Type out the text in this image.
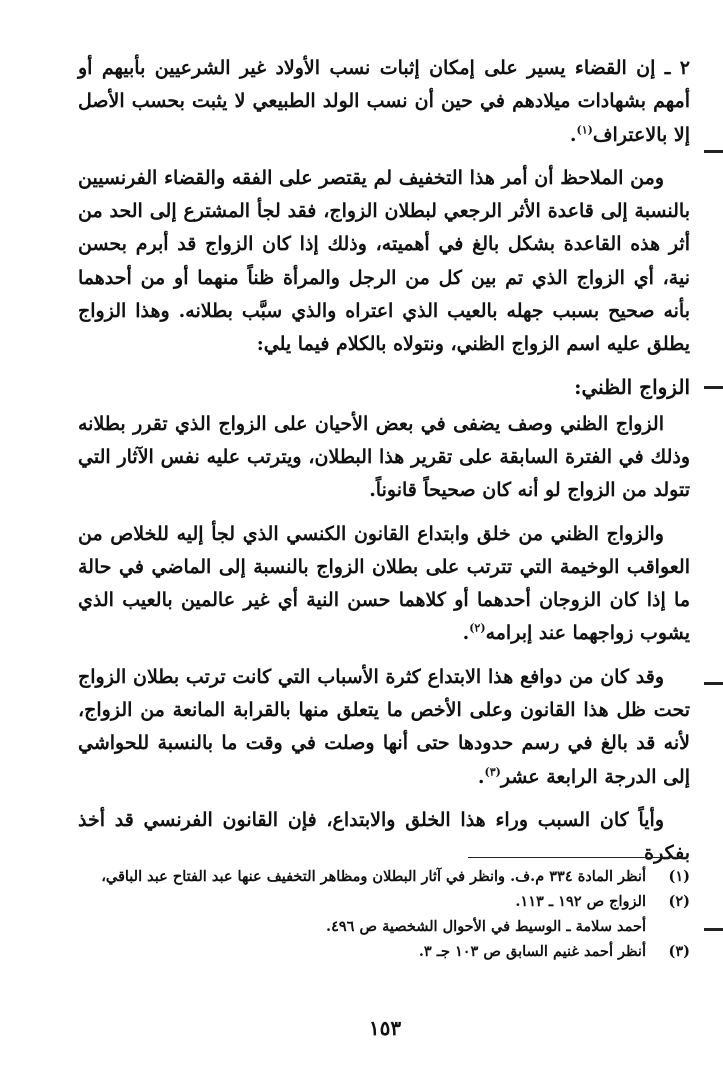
٢ ـ إن القضاء يسير على إمكان إثبات نسب الأولاد غير الشرعيين بأبيهم أو أمهم بشهادات ميلادهم في حين أن نسب الولد الطبيعي لا يثبت بحسب الأصل إلا بالاعتراف$^{(١)}$.

ومن الملاحظ أن أمر هذا التخفيف لم يقتصر على الفقه والقضاء الفرنسيين بالنسبة إلى قاعدة الأثر الرجعي لبطلان الزواج، فقد لجأ المشترع إلى الحد من أثر هذه القاعدة بشكل بالغ في أهميته، وذلك إذا كان الزواج قد أبرم بحسن نية، أي الزواج الذي تم بين كل من الرجل والمرأة ظناً منهما أو من أحدهما بأنه صحيح بسبب جهله بالعيب الذي اعتراه والذي سبَّب بطلانه. وهذا الزواج يطلق عليه اسم الزواج الظني، ونتولاه بالكلام فيما يلي:

الزواج الظني:

الزواج الظني وصف يضفى في بعض الأحيان على الزواج الذي تقرر بطلانه وذلك في الفترة السابقة على تقرير هذا البطلان، ويترتب عليه نفس الآثار التي تتولد من الزواج لو أنه كان صحيحاً قانوناً.

والزواج الظني من خلق وابتداع القانون الكنسي الذي لجأ إليه للخلاص من العواقب الوخيمة التي تترتب على بطلان الزواج بالنسبة إلى الماضي في حالة ما إذا كان الزوجان أحدهما أو كلاهما حسن النية أي غير عالمين بالعيب الذي يشوب زواجهما عند إبرامه$^{(٢)}$.

وقد كان من دوافع هذا الابتداع كثرة الأسباب التي كانت ترتب بطلان الزواج تحت ظل هذا القانون وعلى الأخص ما يتعلق منها بالقرابة المانعة من الزواج، لأنه قد بالغ في رسم حدودها حتى أنها وصلت في وقت ما بالنسبة للحواشي إلى الدرجة الرابعة عشر$^{(٣)}$.

وأياً كان السبب وراء هذا الخلق والابتداع، فإن القانون الفرنسي قد أخذ بفكرة

(١)
أنظر المادة ٣٣٤ م.ف. وانظر في آثار البطلان ومظاهر التخفيف عنها عبد الفتاح عبد الباقي،
(٢)
الزواج ص ١٩٢ ـ ١١٣.
أحمد سلامة ـ الوسيط في الأحوال الشخصية ص ٤٩٦.
(٣)
أنظر أحمد غنيم السابق ص ١٠٣ جـ ٣.
١٥٣
